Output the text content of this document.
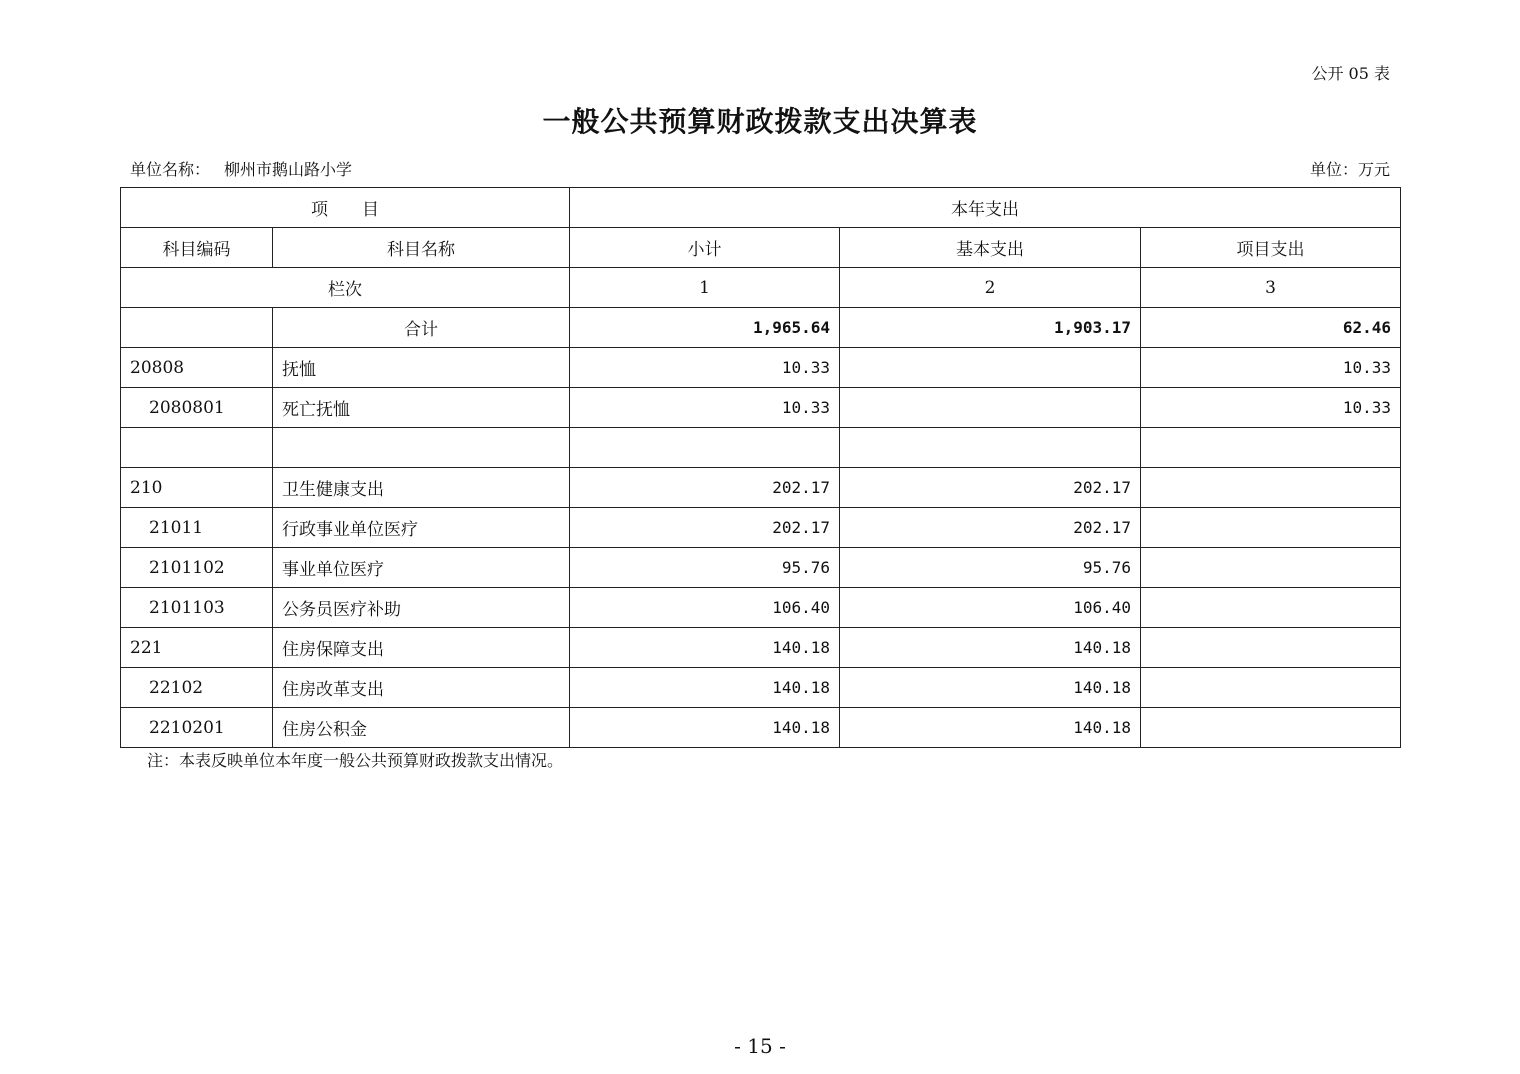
公开 05 表
一般公共预算财政拨款支出决算表
单位名称： 柳州市鹅山路小学	单位：万元
项　　目		本年支出		
科目编码	科目名称	小计	基本支出	项目支出
栏次		1	2	3
	合计	1,965.64	1,903.17	62.46
20808	抚恤	10.33		10.33
2080801	死亡抚恤	10.33		10.33

210	卫生健康支出	202.17	202.17	
21011	行政事业单位医疗	202.17	202.17	
2101102	事业单位医疗	95.76	95.76	
2101103	公务员医疗补助	106.40	106.40	
221	住房保障支出	140.18	140.18	
22102	住房改革支出	140.18	140.18	
2210201	住房公积金	140.18	140.18	
注：本表反映单位本年度一般公共预算财政拨款支出情况。
- 15 -
